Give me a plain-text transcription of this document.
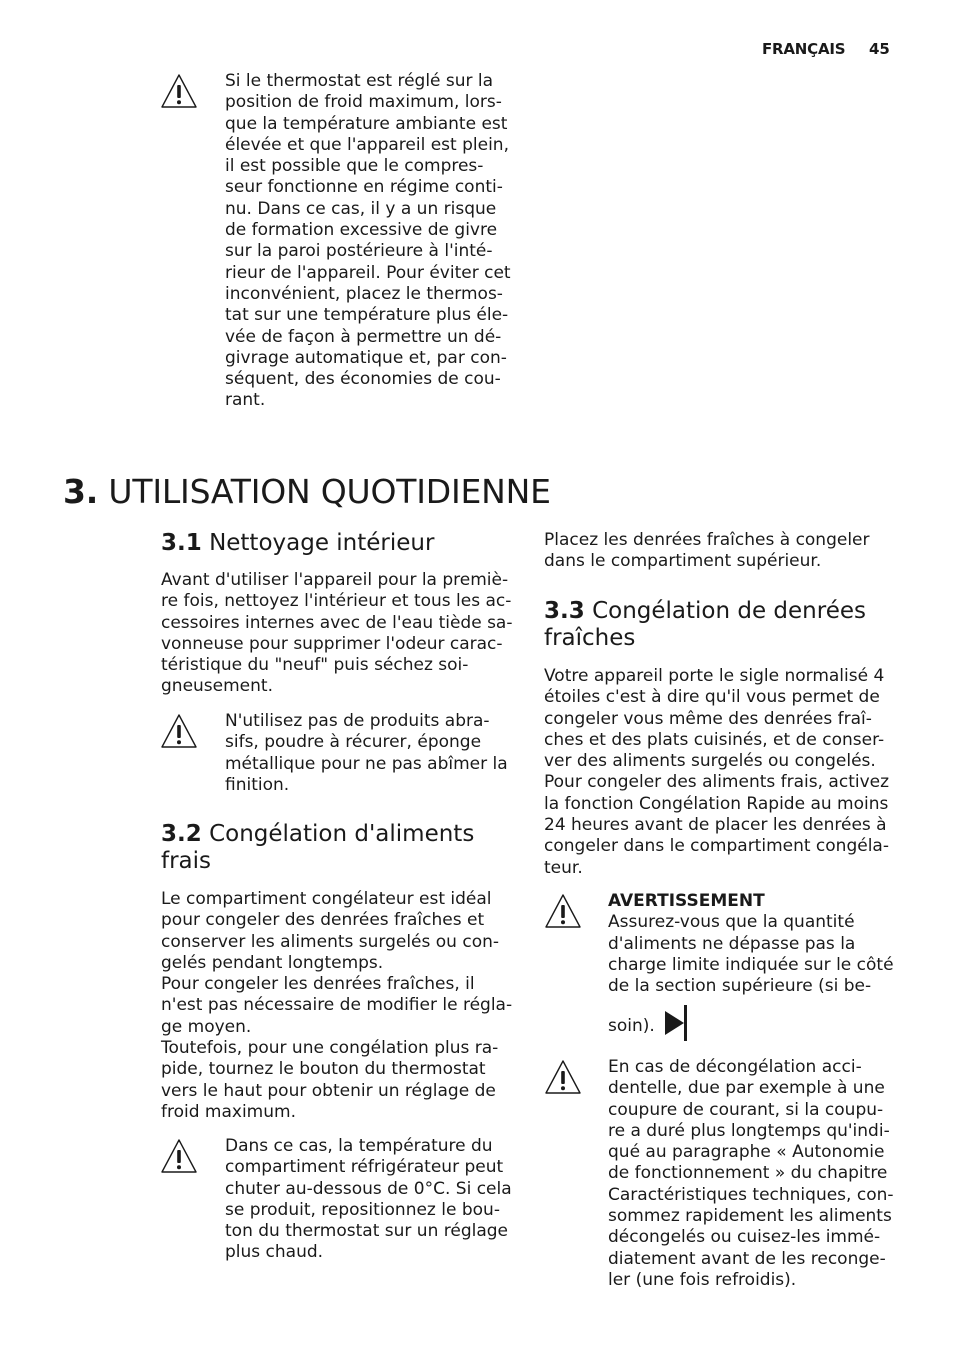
FRANÇAIS 45
Si le thermostat est réglé sur la
position de froid maximum, lors-
que la température ambiante est
élevée et que l'appareil est plein,
il est possible que le compres-
seur fonctionne en régime conti-
nu. Dans ce cas, il y a un risque
de formation excessive de givre
sur la paroi postérieure à l'inté-
rieur de l'appareil. Pour éviter cet
inconvénient, placez le thermos-
tat sur une température plus éle-
vée de façon à permettre un dé-
givrage automatique et, par con-
séquent, des économies de cou-
rant.
3. UTILISATION QUOTIDIENNE
3.1 Nettoyage intérieur
Avant d'utiliser l'appareil pour la premiè-
re fois, nettoyez l'intérieur et tous les ac-
cessoires internes avec de l'eau tiède sa-
vonneuse pour supprimer l'odeur carac-
téristique du "neuf" puis séchez soi-
gneusement.
N'utilisez pas de produits abra-
sifs, poudre à récurer, éponge
métallique pour ne pas abîmer la
finition.
3.2 Congélation d'aliments
frais
Le compartiment congélateur est idéal
pour congeler des denrées fraîches et
conserver les aliments surgelés ou con-
gelés pendant longtemps.
Pour congeler les denrées fraîches, il
n'est pas nécessaire de modifier le régla-
ge moyen.
Toutefois, pour une congélation plus ra-
pide, tournez le bouton du thermostat
vers le haut pour obtenir un réglage de
froid maximum.
Dans ce cas, la température du
compartiment réfrigérateur peut
chuter au-dessous de 0°C. Si cela
se produit, repositionnez le bou-
ton du thermostat sur un réglage
plus chaud.
Placez les denrées fraîches à congeler
dans le compartiment supérieur.
3.3 Congélation de denrées
fraîches
Votre appareil porte le sigle normalisé 4
étoiles c'est à dire qu'il vous permet de
congeler vous même des denrées fraî-
ches et des plats cuisinés, et de conser-
ver des aliments surgelés ou congelés.
Pour congeler des aliments frais, activez
la fonction Congélation Rapide au moins
24 heures avant de placer les denrées à
congeler dans le compartiment congéla-
teur.
AVERTISSEMENT
Assurez-vous que la quantité
d'aliments ne dépasse pas la
charge limite indiquée sur le côté
de la section supérieure (si be-
soin).
En cas de décongélation acci-
dentelle, due par exemple à une
coupure de courant, si la coupu-
re a duré plus longtemps qu'indi-
qué au paragraphe « Autonomie
de fonctionnement » du chapitre
Caractéristiques techniques, con-
sommez rapidement les aliments
décongelés ou cuisez-les immé-
diatement avant de les reconge-
ler (une fois refroidis).
